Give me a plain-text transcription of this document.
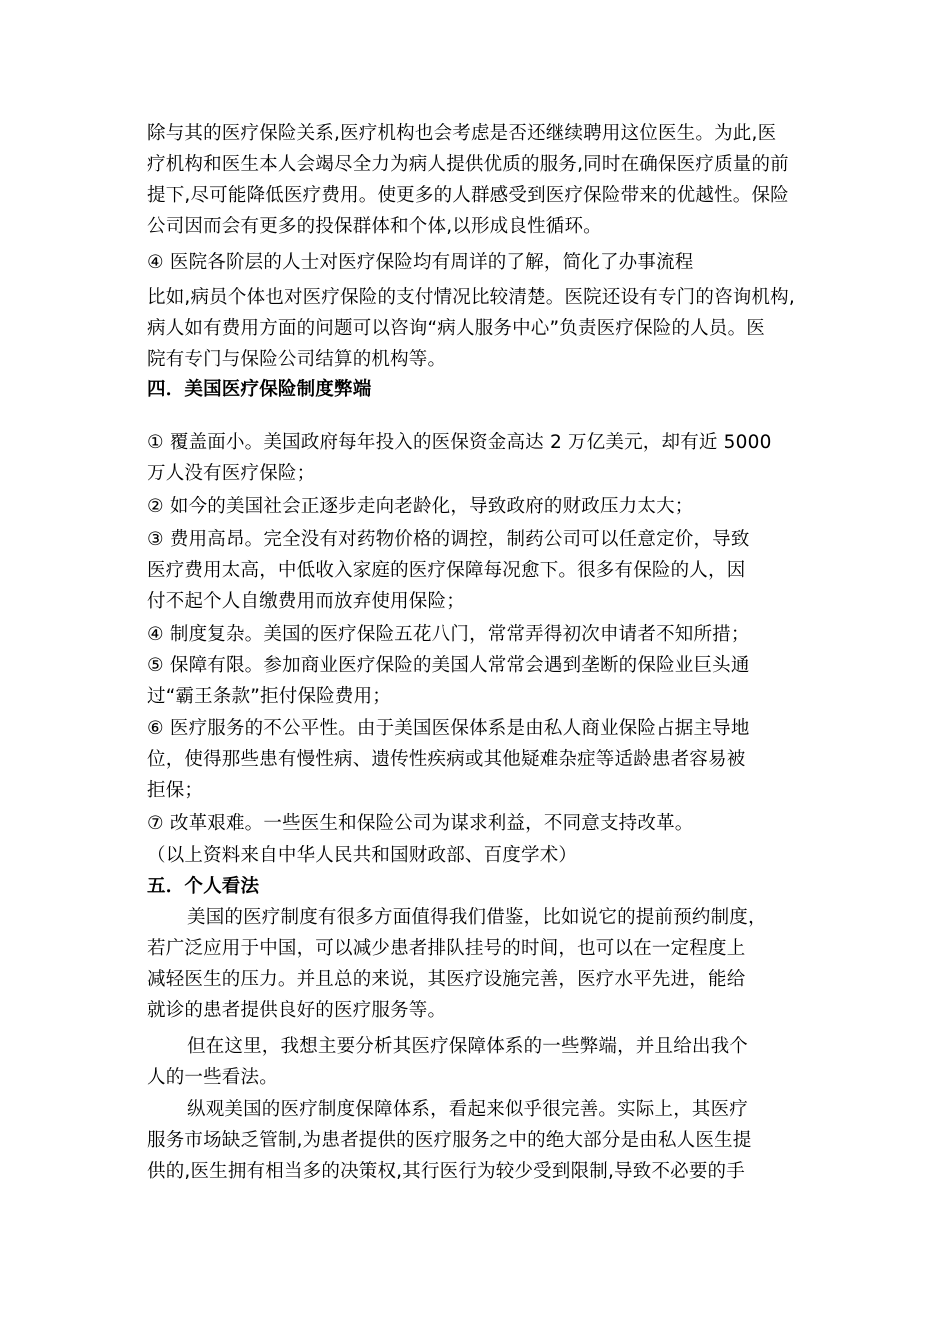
除与其的医疗保险关系,医疗机构也会考虑是否还继续聘用这位医生。为此,医
疗机构和医生本人会竭尽全力为病人提供优质的服务,同时在确保医疗质量的前
提下,尽可能降低医疗费用。使更多的人群感受到医疗保险带来的优越性。保险
公司因而会有更多的投保群体和个体,以形成良性循环。
④ 医院各阶层的人士对医疗保险均有周详的了解，简化了办事流程
比如,病员个体也对医疗保险的支付情况比较清楚。医院还设有专门的咨询机构,
病人如有费用方面的问题可以咨询“病人服务中心”负责医疗保险的人员。医
院有专门与保险公司结算的机构等。
四．美国医疗保险制度弊端
① 覆盖面小。美国政府每年投入的医保资金高达 2 万亿美元，却有近 5000
万人没有医疗保险；
② 如今的美国社会正逐步走向老龄化，导致政府的财政压力太大；
③ 费用高昂。完全没有对药物价格的调控，制药公司可以任意定价，导致
医疗费用太高，中低收入家庭的医疗保障每况愈下。很多有保险的人，因
付不起个人自缴费用而放弃使用保险；
④ 制度复杂。美国的医疗保险五花八门，常常弄得初次申请者不知所措；
⑤ 保障有限。参加商业医疗保险的美国人常常会遇到垄断的保险业巨头通
过“霸王条款”拒付保险费用；
⑥ 医疗服务的不公平性。由于美国医保体系是由私人商业保险占据主导地
位，使得那些患有慢性病、遗传性疾病或其他疑难杂症等适龄患者容易被
拒保；
⑦ 改革艰难。一些医生和保险公司为谋求利益，不同意支持改革。
（以上资料来自中华人民共和国财政部、百度学术）
五．个人看法
美国的医疗制度有很多方面值得我们借鉴，比如说它的提前预约制度，
若广泛应用于中国，可以减少患者排队挂号的时间，也可以在一定程度上
减轻医生的压力。并且总的来说，其医疗设施完善，医疗水平先进，能给
就诊的患者提供良好的医疗服务等。
但在这里，我想主要分析其医疗保障体系的一些弊端，并且给出我个
人的一些看法。
纵观美国的医疗制度保障体系，看起来似乎很完善。实际上，其医疗
服务市场缺乏管制,为患者提供的医疗服务之中的绝大部分是由私人医生提
供的,医生拥有相当多的决策权,其行医行为较少受到限制,导致不必要的手
